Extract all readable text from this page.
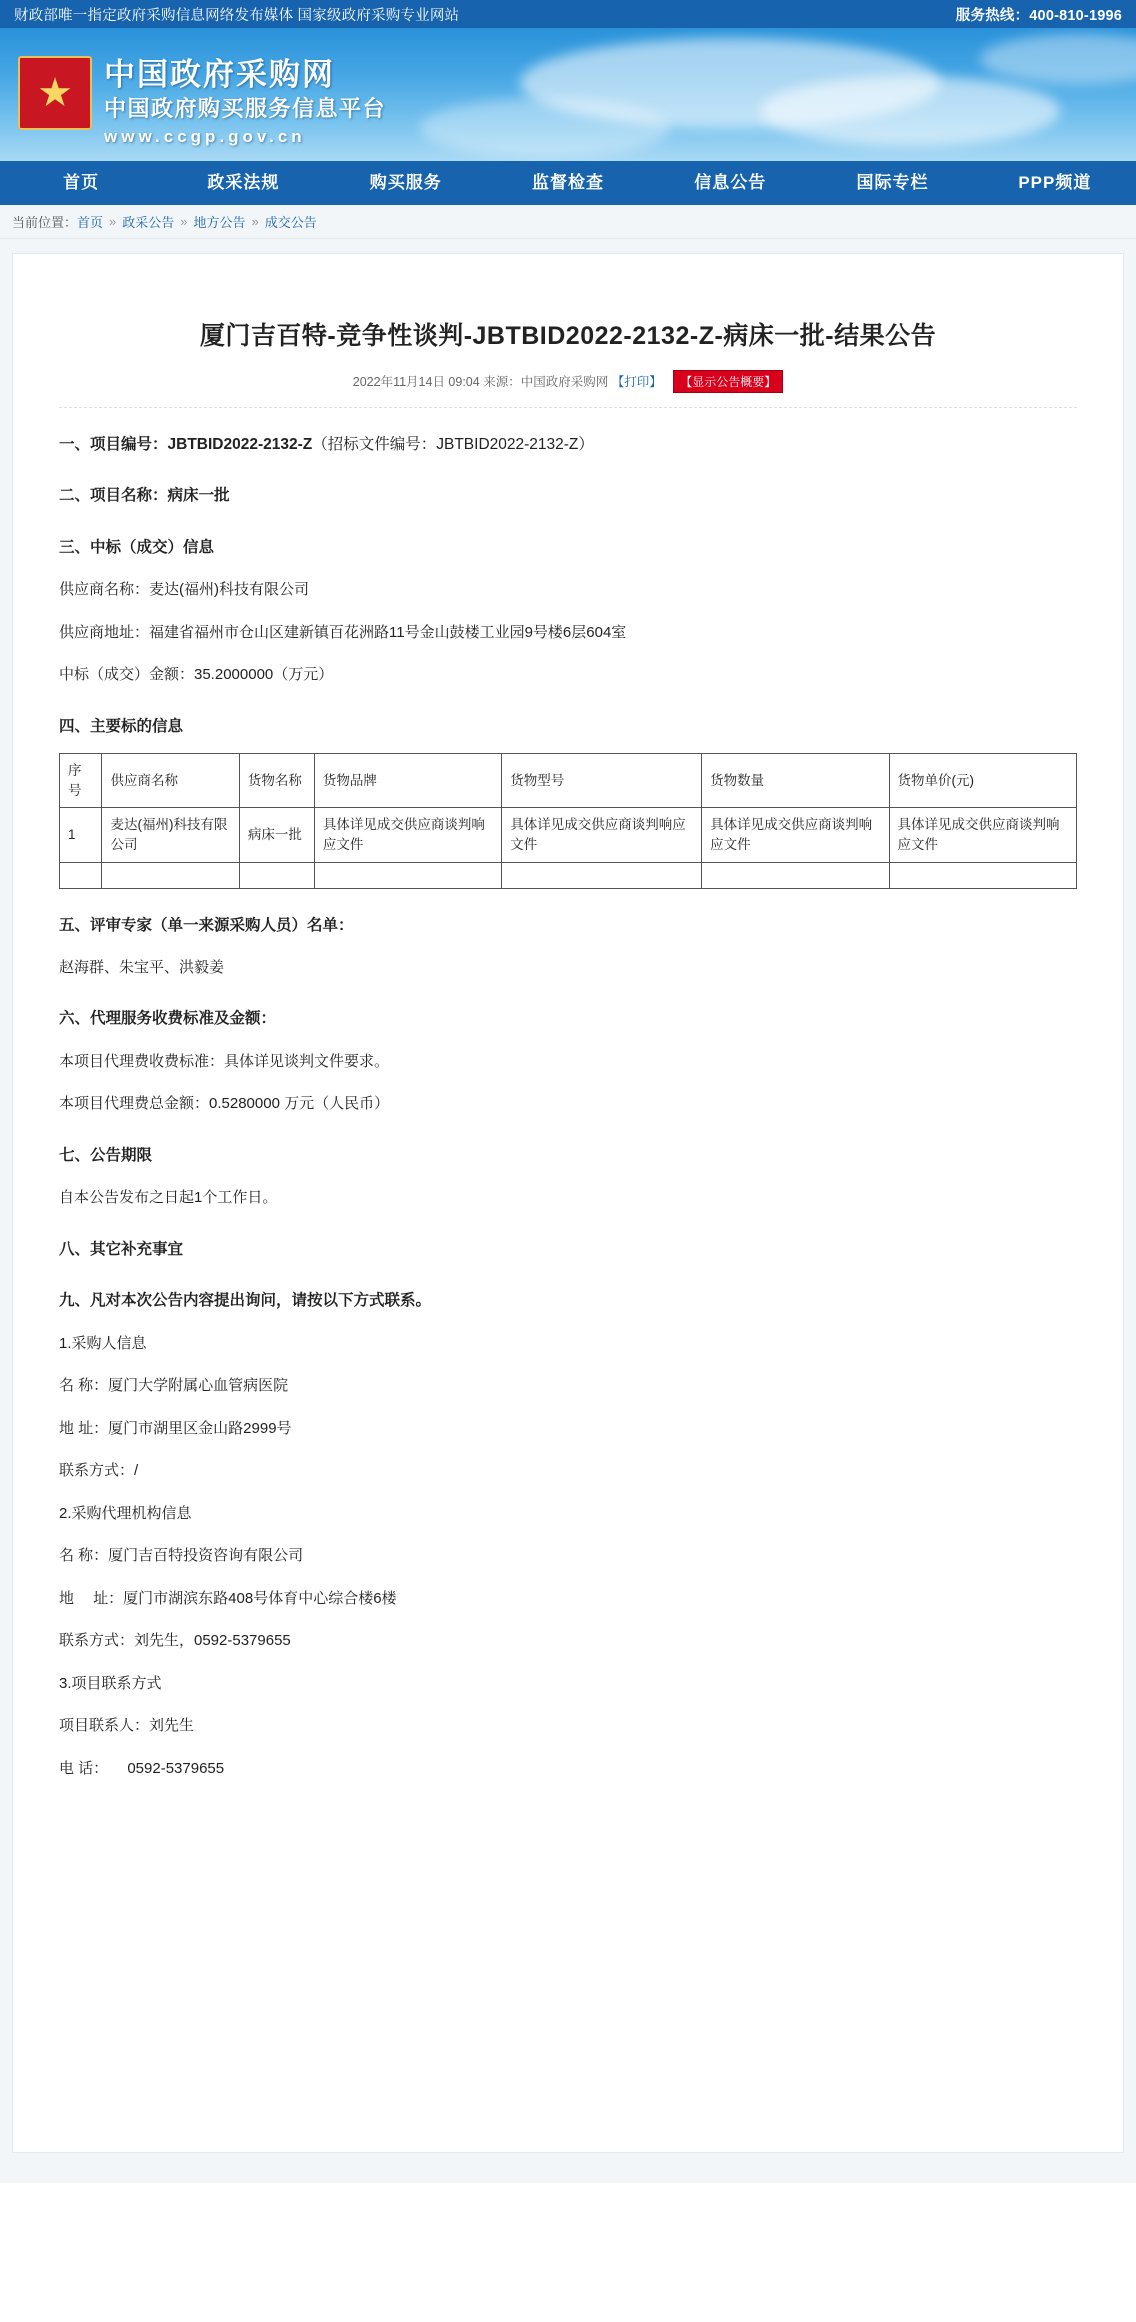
财政部唯一指定政府采购信息网络发布媒体 国家级政府采购专业网站	服务热线：400-810-1996
★ 中国政府采购网
中国政府购买服务信息平台
www.ccgp.gov.cn
首页	政采法规	购买服务	监督检查	信息公告	国际专栏	PPP频道
当前位置： 首页 » 政采公告 » 地方公告 » 成交公告
厦门吉百特-竞争性谈判-JBTBID2022-2132-Z-病床一批-结果公告
2022年11月14日 09:04 来源：中国政府采购网 【打印】 【显示公告概要】
一、项目编号：JBTBID2022-2132-Z（招标文件编号：JBTBID2022-2132-Z）
二、项目名称：病床一批
三、中标（成交）信息

供应商名称：麦达(福州)科技有限公司

供应商地址：福建省福州市仓山区建新镇百花洲路11号金山鼓楼工业园9号楼6层604室

中标（成交）金额：35.2000000（万元）

四、主要标的信息
序号	供应商名称	货物名称	货物品牌	货物型号	货物数量	货物单价(元)
1	麦达(福州)科技有限公司	病床一批	具体详见成交供应商谈判响应文件	具体详见成交供应商谈判响应文件	具体详见成交供应商谈判响应文件	具体详见成交供应商谈判响应文件

五、评审专家（单一来源采购人员）名单：

赵海群、朱宝平、洪毅姜

六、代理服务收费标准及金额：

本项目代理费收费标准：具体详见谈判文件要求。

本项目代理费总金额：0.5280000 万元（人民币）

七、公告期限

自本公告发布之日起1个工作日。

八、其它补充事宜
九、凡对本次公告内容提出询问，请按以下方式联系。

1.采购人信息

名 称：厦门大学附属心血管病医院

地 址：厦门市湖里区金山路2999号

联系方式：/

2.采购代理机构信息

名 称：厦门吉百特投资咨询有限公司

地 　址：厦门市湖滨东路408号体育中心综合楼6楼

联系方式：刘先生，0592-5379655

3.项目联系方式

项目联系人：刘先生

电 话： 　0592-5379655
